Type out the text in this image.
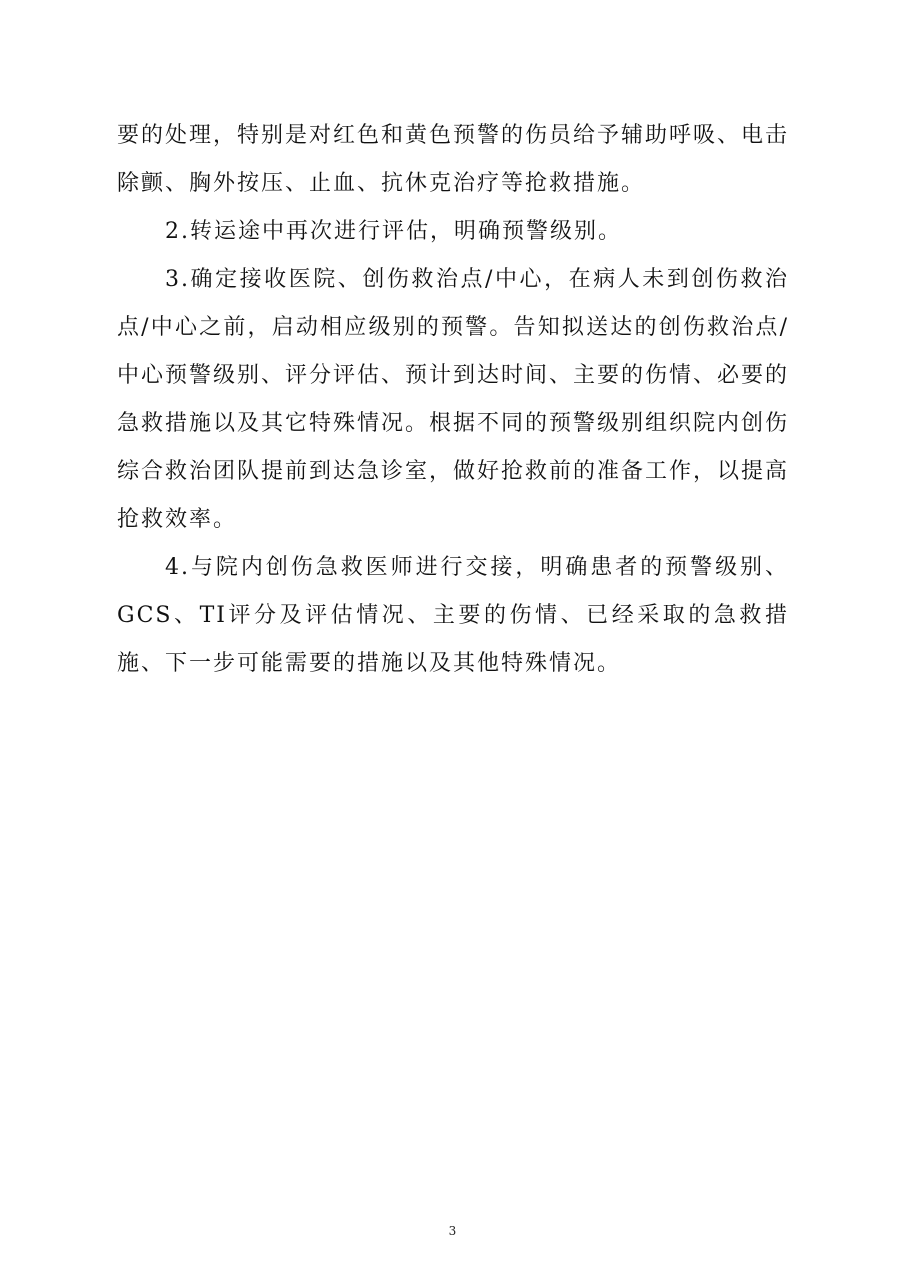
要的处理，特别是对红色和黄色预警的伤员给予辅助呼吸、电击除颤、胸外按压、止血、抗休克治疗等抢救措施。

2.转运途中再次进行评估，明确预警级别。

3.确定接收医院、创伤救治点/中心，在病人未到创伤救治点/中心之前，启动相应级别的预警。告知拟送达的创伤救治点/中心预警级别、评分评估、预计到达时间、主要的伤情、必要的急救措施以及其它特殊情况。根据不同的预警级别组织院内创伤综合救治团队提前到达急诊室，做好抢救前的准备工作，以提高抢救效率。

4.与院内创伤急救医师进行交接，明确患者的预警级别、GCS、TI评分及评估情况、主要的伤情、已经采取的急救措施、下一步可能需要的措施以及其他特殊情况。

3
